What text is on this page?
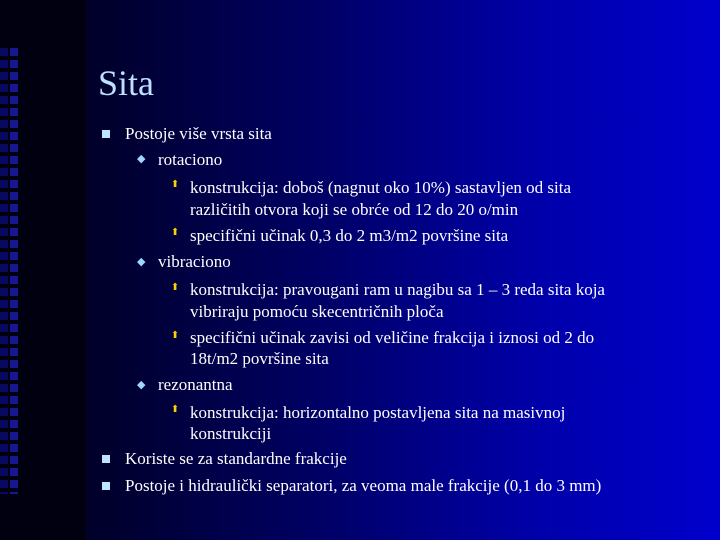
Sita
Postoje više vrsta sita
◆ rotaciono
⬆ konstrukcija: doboš (nagnut oko 10%) sastavljen od sita
različitih otvora koji se obrće od 12 do 20 o/min
⬆ specifični učinak 0,3 do 2 m3/m2 površine sita
◆ vibraciono
⬆ konstrukcija: pravougani ram u nagibu sa 1 – 3 reda sita koja
vibriraju pomoću skecentričnih ploča
⬆ specifični učinak zavisi od veličine frakcija i iznosi od 2 do
18t/m2 površine sita
◆ rezonantna
⬆ konstrukcija: horizontalno postavljena sita na masivnoj
konstrukciji
Koriste se za standardne frakcije
Postoje i hidraulički separatori, za veoma male frakcije (0,1 do 3 mm)
